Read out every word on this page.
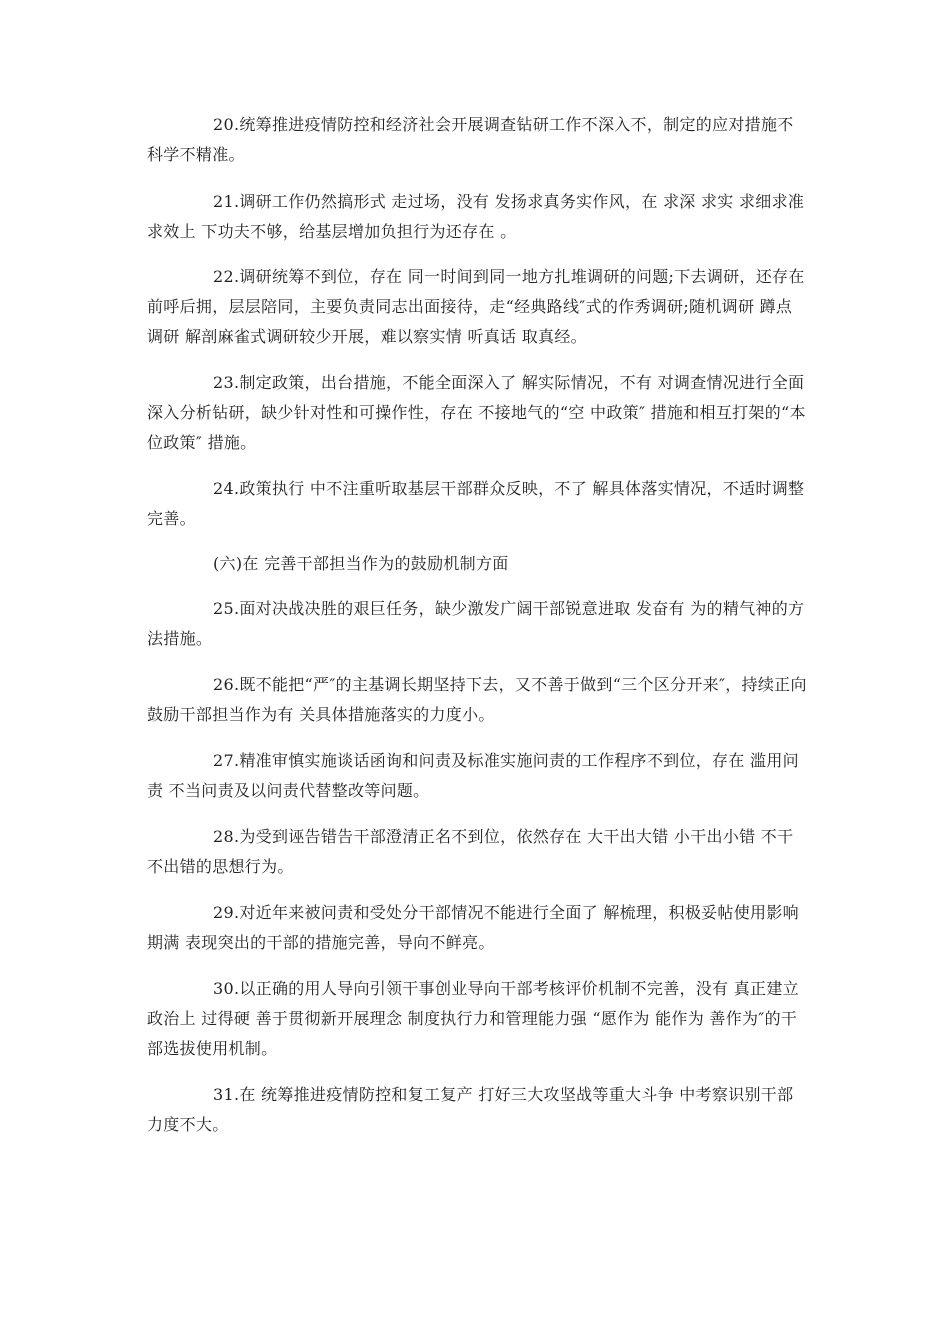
20.统筹推进疫情防控和经济社会开展调查钻研工作不深入不，制定的应对措施不科学不精准。

21.调研工作仍然搞形式 走过场，没有 发扬求真务实作风，在 求深 求实 求细求准 求效上 下功夫不够，给基层增加负担行为还存在 。

22.调研统筹不到位，存在 同一时间到同一地方扎堆调研的问题;下去调研，还存在 前呼后拥，层层陪同，主要负责同志出面接待，走“经典路线″式的作秀调研;随机调研 蹲点调研 解剖麻雀式调研较少开展，难以察实情 听真话 取真经。

23.制定政策，出台措施，不能全面深入了 解实际情况，不有 对调查情况进行全面深入分析钻研，缺少针对性和可操作性，存在 不接地气的“空 中政策″ 措施和相互打架的“本位政策″ 措施。

24.政策执行 中不注重听取基层干部群众反映，不了 解具体落实情况，不适时调整完善。

(六)在 完善干部担当作为的鼓励机制方面

25.面对决战决胜的艰巨任务，缺少激发广阔干部锐意进取 发奋有 为的精气神的方法措施。

26.既不能把“严″的主基调长期坚持下去，又不善于做到“三个区分开来″，持续正向鼓励干部担当作为有 关具体措施落实的力度小。

27.精准审慎实施谈话函询和问责及标准实施问责的工作程序不到位，存在 滥用问责 不当问责及以问责代替整改等问题。

28.为受到诬告错告干部澄清正名不到位，依然存在 大干出大错 小干出小错 不干不出错的思想行为。

29.对近年来被问责和受处分干部情况不能进行全面了 解梳理，积极妥帖使用影响期满 表现突出的干部的措施完善，导向不鲜亮。

30.以正确的用人导向引领干事创业导向干部考核评价机制不完善，没有 真正建立政治上 过得硬 善于贯彻新开展理念 制度执行力和管理能力强 “愿作为 能作为 善作为″的干部选拔使用机制。

31.在 统筹推进疫情防控和复工复产 打好三大攻坚战等重大斗争 中考察识别干部力度不大。
